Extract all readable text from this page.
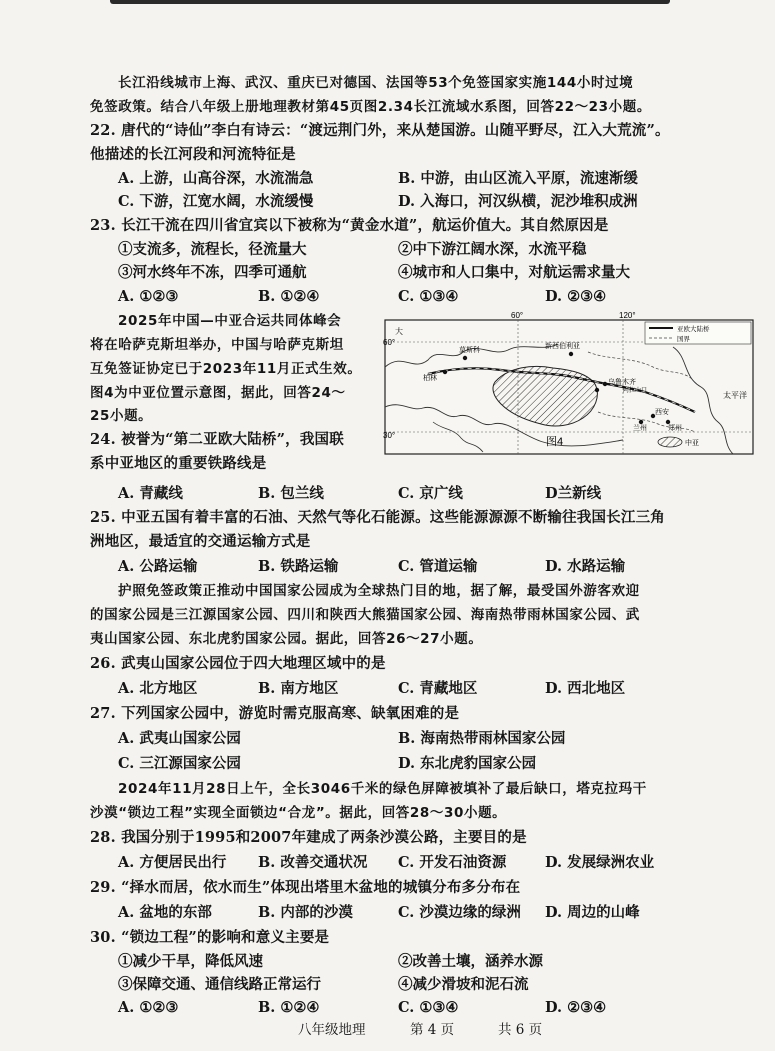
长江沿线城市上海、武汉、重庆已对德国、法国等53个免签国家实施144小时过境
免签政策。结合八年级上册地理教材第45页图2.34长江流域水系图，回答22～23小题。
22. 唐代的“诗仙”李白有诗云：“渡远荆门外，来从楚国游。山随平野尽，江入大荒流”。
他描述的长江河段和河流特征是
A. 上游，山高谷深，水流湍急	B. 中游，由山区流入平原，流速渐缓
C. 下游，江宽水阔，水流缓慢	D. 入海口，河汉纵横，泥沙堆积成洲
23. 长江干流在四川省宜宾以下被称为“黄金水道”，航运价值大。其自然原因是
①支流多，流程长，径流量大	②中下游江阔水深，水流平稳
③河水终年不冻，四季可通航	④城市和人口集中，对航运需求量大
A. ①②③	B. ①②④	C. ①③④	D. ②③④
2025年中国—中亚合运共同体峰会
将在哈萨克斯坦举办，中国与哈萨克斯坦
互免签证协定已于2023年11月正式生效。
图4为中亚位置示意图，据此，回答24～
25小题。
莫斯科
新西伯利亚
乌鲁木齐
阿拉山口
西安
兰州	郑州
柏林
大
太平洋
60°	120°
60°
30°
亚欧大陆桥
国界
中亚
图4
24. 被誉为“第二亚欧大陆桥”，我国联
系中亚地区的重要铁路线是
A. 青藏线	B. 包兰线	C. 京广线	D兰新线
25. 中亚五国有着丰富的石油、天然气等化石能源。这些能源源源不断输往我国长江三角
洲地区，最适宜的交通运输方式是
A. 公路运输	B. 铁路运输	C. 管道运输	D. 水路运输
护照免签政策正推动中国国家公园成为全球热门目的地，据了解，最受国外游客欢迎
的国家公园是三江源国家公园、四川和陕西大熊猫国家公园、海南热带雨林国家公园、武
夷山国家公园、东北虎豹国家公园。据此，回答26～27小题。
26. 武夷山国家公园位于四大地理区域中的是
A. 北方地区	B. 南方地区	C. 青藏地区	D. 西北地区
27. 下列国家公园中，游览时需克服高寒、缺氧困难的是
A. 武夷山国家公园	B. 海南热带雨林国家公园
C. 三江源国家公园	D. 东北虎豹国家公园
2024年11月28日上午，全长3046千米的绿色屏障被填补了最后缺口，塔克拉玛干
沙漠“锁边工程”实现全面锁边“合龙”。据此，回答28～30小题。
28. 我国分别于1995和2007年建成了两条沙漠公路，主要目的是
A. 方便居民出行 B. 改善交通状况 C. 开发石油资源	D. 发展绿洲农业
29. “择水而居，依水而生”体现出塔里木盆地的城镇分布多分布在
A. 盆地的东部	B. 内部的沙漠	C. 沙漠边缘的绿洲 D. 周边的山峰
30. “锁边工程”的影响和意义主要是
①减少干旱，降低风速	②改善土壤，涵养水源
③保障交通、通信线路正常运行	④减少滑坡和泥石流
A. ①②③	B. ①②④	C. ①③④	D. ②③④
八年级地理	第 4 页	共 6 页
